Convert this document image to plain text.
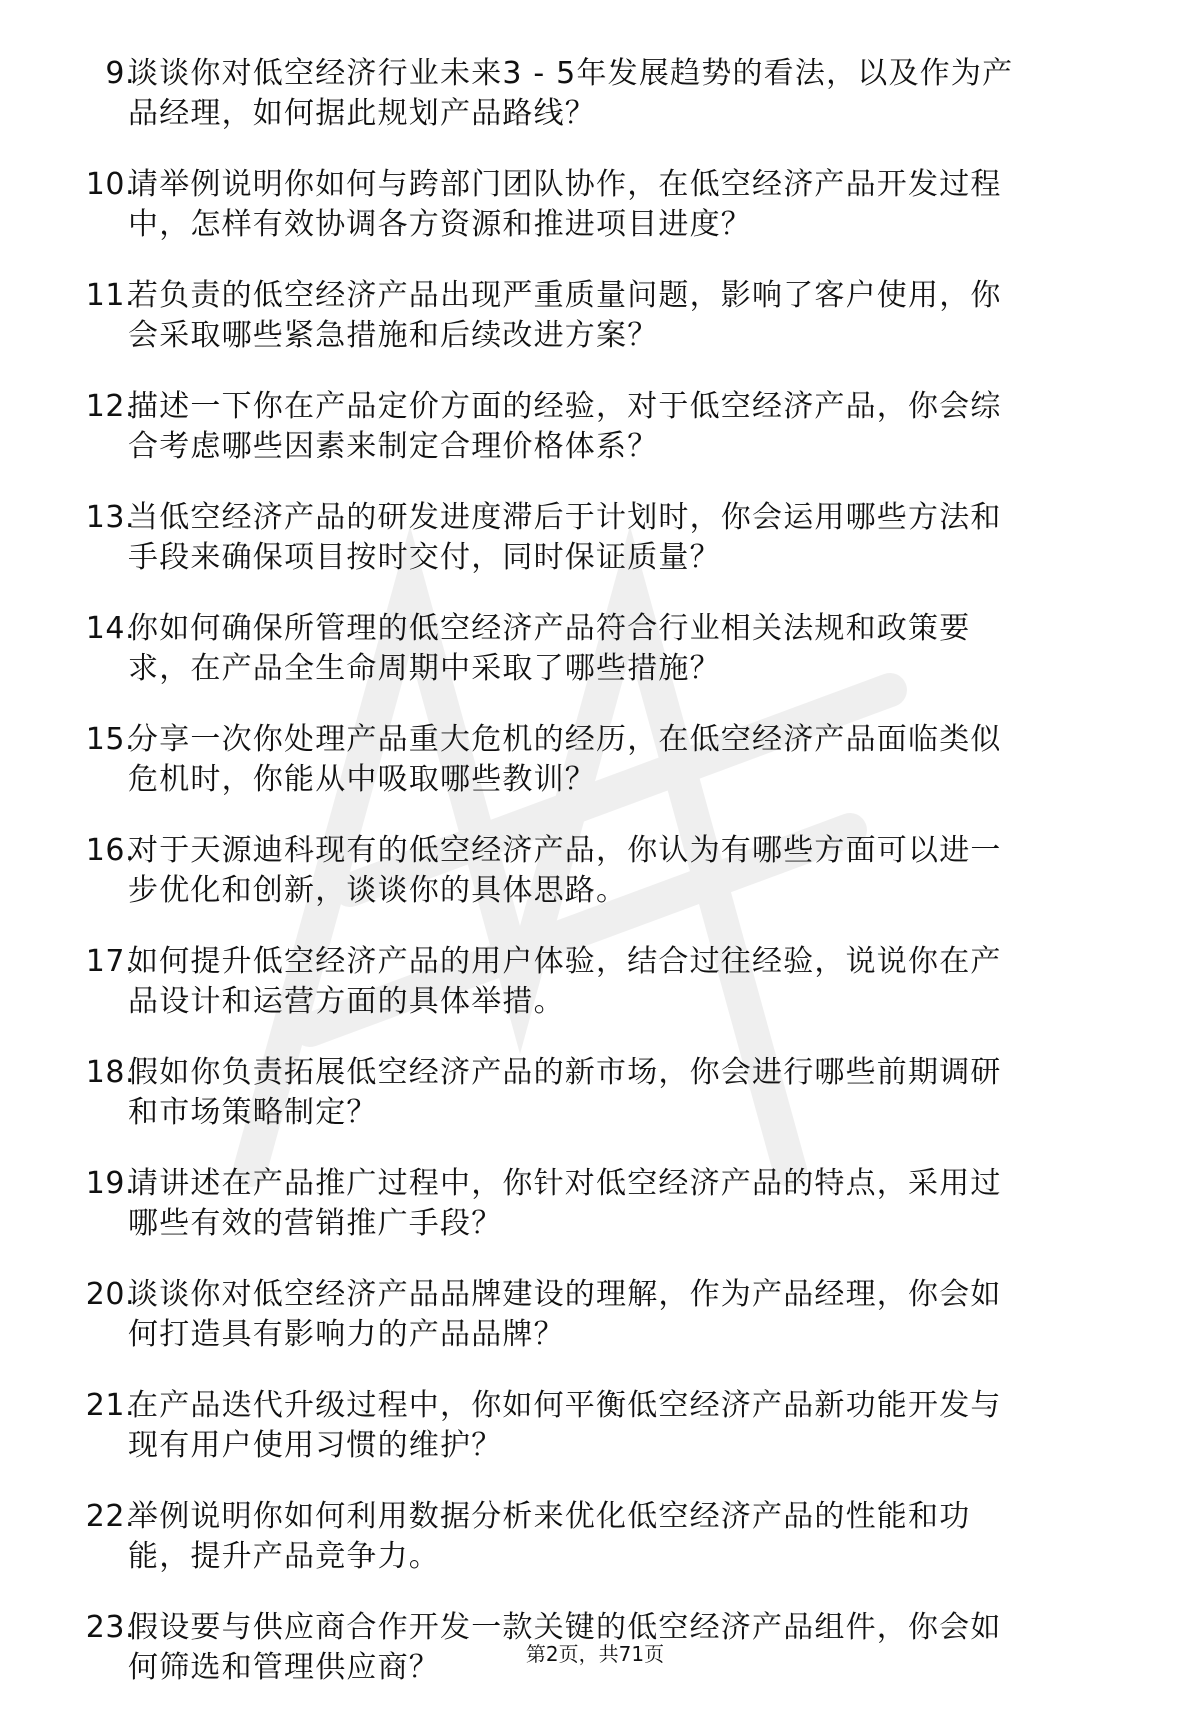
9.

谈谈你对低空经济行业未来3 - 5年发展趋势的看法，以及作为产
品经理，如何据此规划产品路线？

10.

请举例说明你如何与跨部门团队协作，在低空经济产品开发过程
中，怎样有效协调各方资源和推进项目进度？

11.

若负责的低空经济产品出现严重质量问题，影响了客户使用，你
会采取哪些紧急措施和后续改进方案？

12.

描述一下你在产品定价方面的经验，对于低空经济产品，你会综
合考虑哪些因素来制定合理价格体系？

13.

当低空经济产品的研发进度滞后于计划时，你会运用哪些方法和
手段来确保项目按时交付，同时保证质量？

14.

你如何确保所管理的低空经济产品符合行业相关法规和政策要
求，在产品全生命周期中采取了哪些措施？

15.

分享一次你处理产品重大危机的经历，在低空经济产品面临类似
危机时，你能从中吸取哪些教训？

16.

对于天源迪科现有的低空经济产品，你认为有哪些方面可以进一
步优化和创新，谈谈你的具体思路。

17.

如何提升低空经济产品的用户体验，结合过往经验，说说你在产
品设计和运营方面的具体举措。

18.

假如你负责拓展低空经济产品的新市场，你会进行哪些前期调研
和市场策略制定？

19.

请讲述在产品推广过程中，你针对低空经济产品的特点，采用过
哪些有效的营销推广手段？

20.

谈谈你对低空经济产品品牌建设的理解，作为产品经理，你会如
何打造具有影响力的产品品牌？

21.

在产品迭代升级过程中，你如何平衡低空经济产品新功能开发与
现有用户使用习惯的维护？

22.

举例说明你如何利用数据分析来优化低空经济产品的性能和功
能，提升产品竞争力。

23.

假设要与供应商合作开发一款关键的低空经济产品组件，你会如
何筛选和管理供应商？	第2页，共71页
